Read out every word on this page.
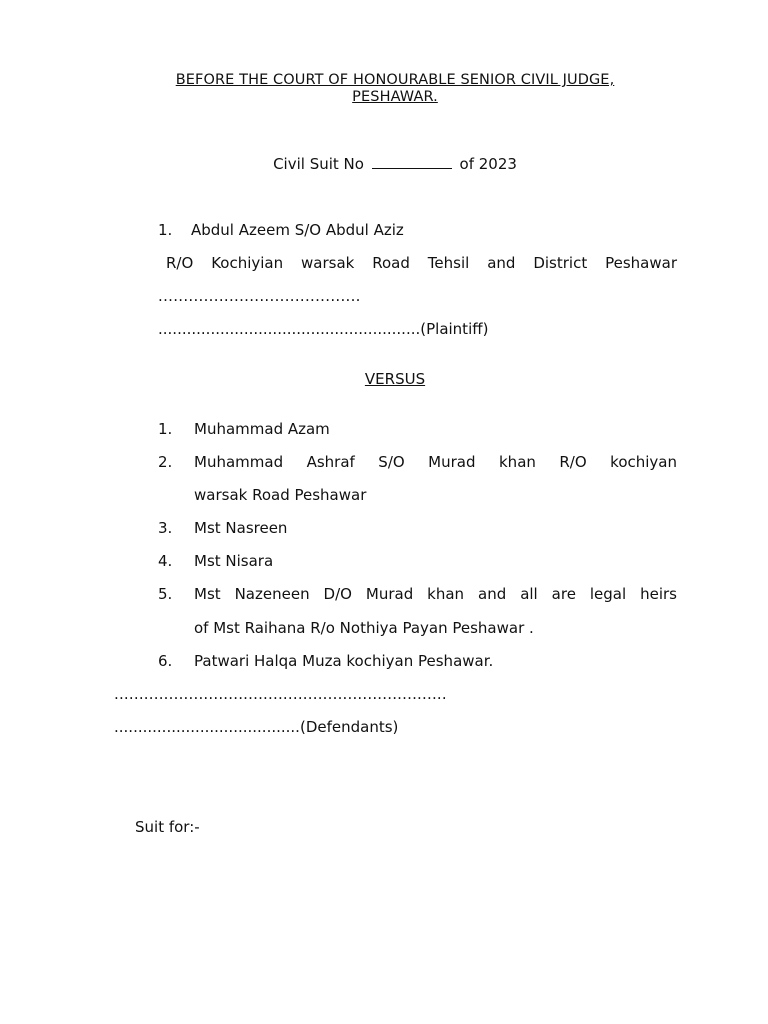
BEFORE THE COURT OF HONOURABLE SENIOR CIVIL JUDGE,
PESHAWAR.
Civil Suit No	of 2023
1. Abdul Azeem S/O Abdul Aziz
R/O Kochiyian warsak Road Tehsil and District Peshawar
........................................
.......................................................(Plaintiff)
VERSUS
1. Muhammad Azam
2. Muhammad Ashraf S/O Murad khan R/O kochiyan
warsak Road Peshawar
3. Mst Nasreen
4. Mst Nisara
5. Mst Nazeneen D/O Murad khan and all are legal heirs
of Mst Raihana R/o Nothiya Payan Peshawar .
6. Patwari Halqa Muza kochiyan Peshawar.
...................................................................
.......................................(Defendants)
Suit for:-
